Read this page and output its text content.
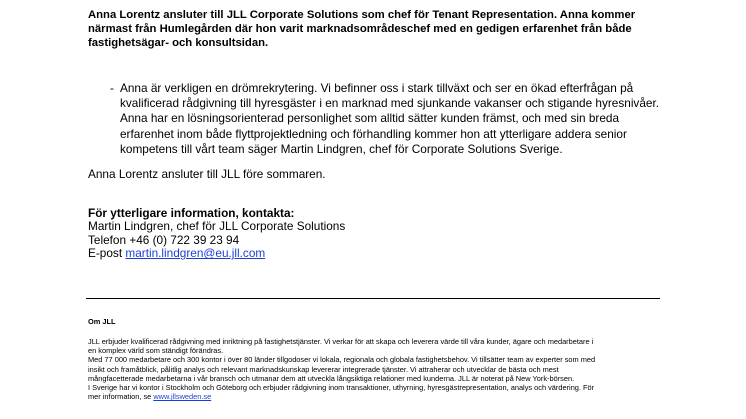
Anna Lorentz ansluter till JLL Corporate Solutions som chef för Tenant Representation. Anna kommer
närmast från Humlegården där hon varit marknadsområdeschef med en gedigen erfarenhet från både
fastighetsägar- och konsultsidan.
- Anna är verkligen en drömrekrytering. Vi befinner oss i stark tillväxt och ser en ökad efterfrågan på
kvalificerad rådgivning till hyresgäster i en marknad med sjunkande vakanser och stigande hyresnivåer.
Anna har en lösningsorienterad personlighet som alltid sätter kunden främst, och med sin breda
erfarenhet inom både flyttprojektledning och förhandling kommer hon att ytterligare addera senior
kompetens till vårt team säger Martin Lindgren, chef för Corporate Solutions Sverige.
Anna Lorentz ansluter till JLL före sommaren.
För ytterligare information, kontakta:
Martin Lindgren, chef för JLL Corporate Solutions
Telefon +46 (0) 722 39 23 94
E-post martin.lindgren@eu.jll.com
Om JLL

JLL erbjuder kvalificerad rådgivning med inriktning på fastighetstjänster. Vi verkar för att skapa och leverera värde till våra kunder, ägare och medarbetare i

en komplex värld som ständigt förändras.

Med 77 000 medarbetare och 300 kontor i över 80 länder tillgodoser vi lokala, regionala och globala fastighetsbehov. Vi tillsätter team av experter som med

insikt och framåtblick, pålitlig analys och relevant marknadskunskap levererar integrerade tjänster. Vi attraherar och utvecklar de bästa och mest

mångfacetterade medarbetarna i vår bransch och utmanar dem att utveckla långsiktiga relationer med kunderna. JLL är noterat på New York-börsen.

I Sverige har vi kontor i Stockholm och Göteborg och erbjuder rådgivning inom transaktioner, uthyrning, hyresgästrepresentation, analys och värdering. För

mer information, se www.jllsweden.se
